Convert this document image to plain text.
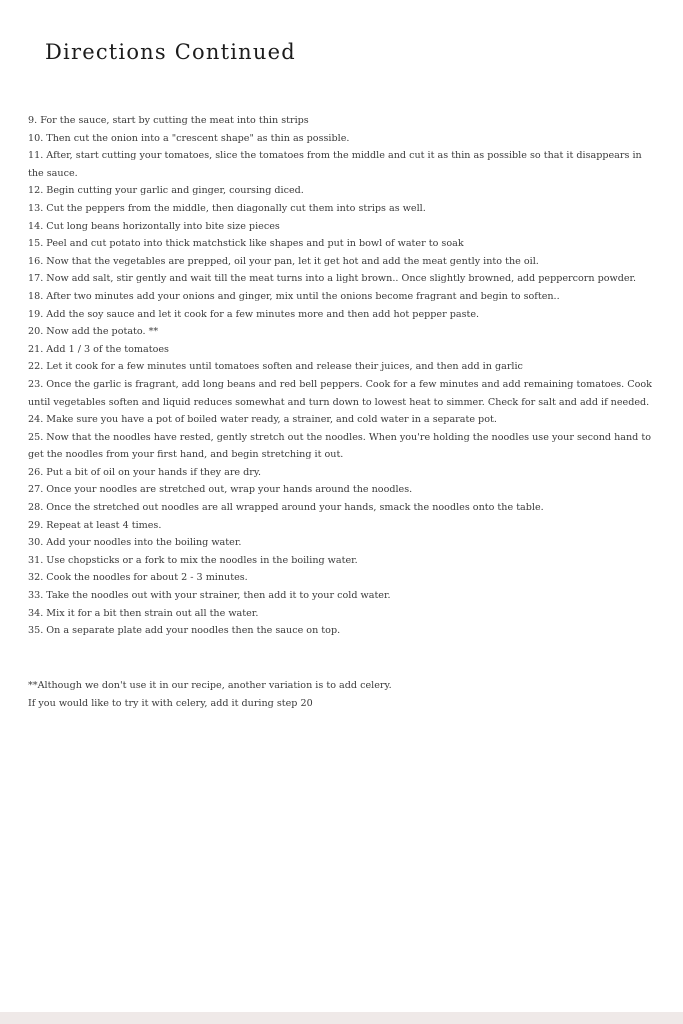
Directions Continued
9. For the sauce, start by cutting the meat into thin strips
10. Then cut the onion into a "crescent shape" as thin as possible.
11. After, start cutting your tomatoes, slice the tomatoes from the middle and cut it as thin as possible so that it disappears in the sauce.
12. Begin cutting your garlic and ginger, coursing diced.
13. Cut the peppers from the middle, then diagonally cut them into strips as well.
14. Cut long beans horizontally into bite size pieces
15. Peel and cut potato into thick matchstick like shapes and put in bowl of water to soak
16. Now that the vegetables are prepped, oil your pan, let it get hot and add the meat gently into the oil.
17. Now add salt, stir gently and wait till the meat turns into a light brown.. Once slightly browned, add peppercorn powder.
18. After two minutes add your onions and ginger, mix until the onions become fragrant and begin to soften..
19. Add the soy sauce and let it cook for a few minutes more and then add hot pepper paste.
20. Now add the potato. **
21. Add 1 / 3 of the tomatoes
22. Let it cook for a few minutes until tomatoes soften and release their juices, and then add in garlic
23. Once the garlic is fragrant, add long beans and red bell peppers. Cook for a few minutes and add remaining tomatoes. Cook until vegetables soften and liquid reduces somewhat and turn down to lowest heat to simmer. Check for salt and add if needed.
24. Make sure you have a pot of boiled water ready, a strainer, and cold water in a separate pot.
25. Now that the noodles have rested, gently stretch out the noodles. When you're holding the noodles use your second hand to get the noodles from your first hand, and begin stretching it out.
26. Put a bit of oil on your hands if they are dry.
27. Once your noodles are stretched out, wrap your hands around the noodles.
28. Once the stretched out noodles are all wrapped around your hands, smack the noodles onto the table.
29. Repeat at least 4 times.
30. Add your noodles into the boiling water.
31. Use chopsticks or a fork to mix the noodles in the boiling water.
32. Cook the noodles for about 2 - 3 minutes.
33. Take the noodles out with your strainer, then add it to your cold water.
34. Mix it for a bit then strain out all the water.
35. On a separate plate add your noodles then the sauce on top.

**Although we don't use it in our recipe, another variation is to add celery.

If you would like to try it with celery, add it during step 20
